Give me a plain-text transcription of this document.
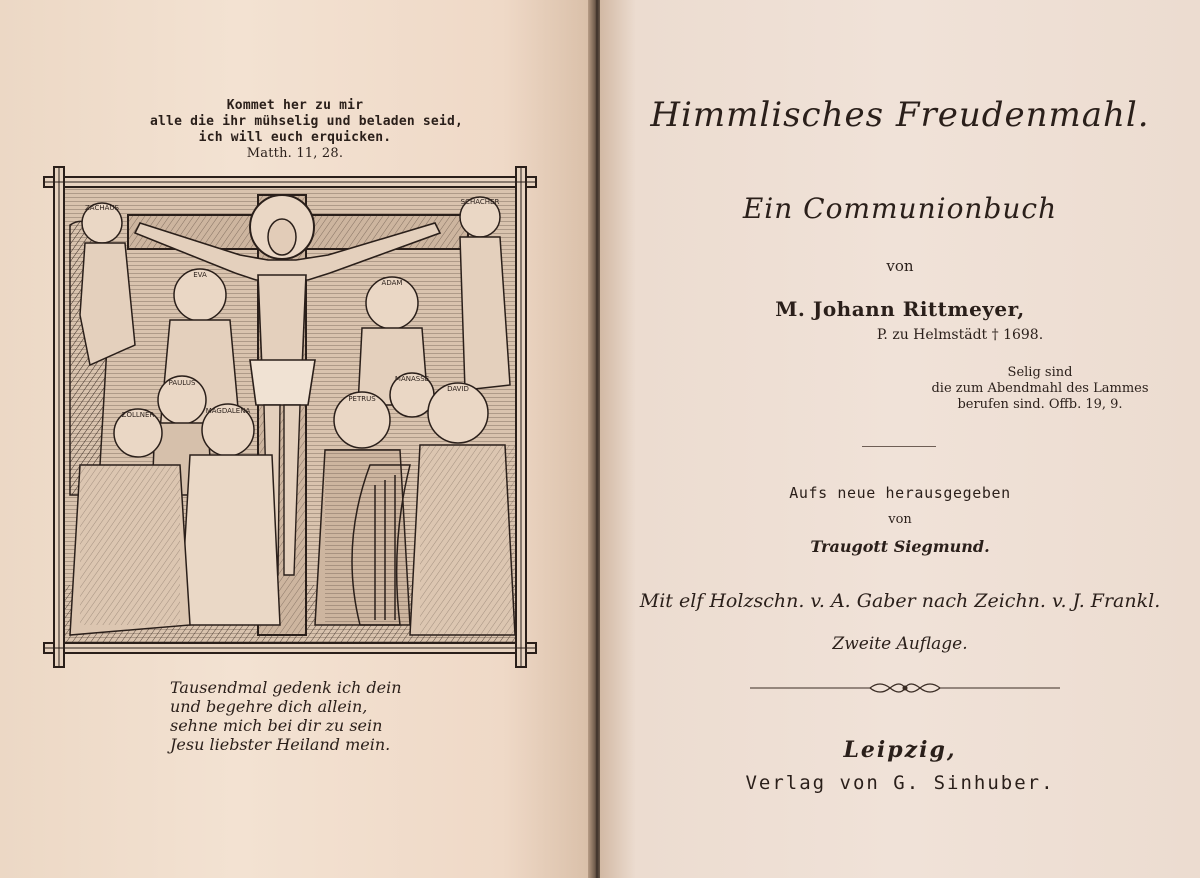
Kommet her zu mir
alle die ihr mühselig und beladen seid,
ich will euch erquicken.
Matth. 11, 28.
ZACHÄUS
SCHÄCHER
EVA
ADAM
PAULUS
MAGDALENA
PETRUS
MANASSE
DAVID
ZÖLLNER
Tausendmal gedenk ich dein
und begehre dich allein,
sehne mich bei dir zu sein
Jesu liebster Heiland mein.
Himmlisches Freudenmahl.
Ein Communionbuch
von
M. Johann Rittmeyer,
P. zu Helmstädt † 1698.
Selig sind
die zum Abendmahl des Lammes
berufen sind. Offb. 19, 9.
Aufs neue herausgegeben
von
Traugott Siegmund.
Mit elf Holzschn. v. A. Gaber nach Zeichn. v. J. Frankl.
Zweite Auflage.
Leipzig,
Verlag von G. Sinhuber.
